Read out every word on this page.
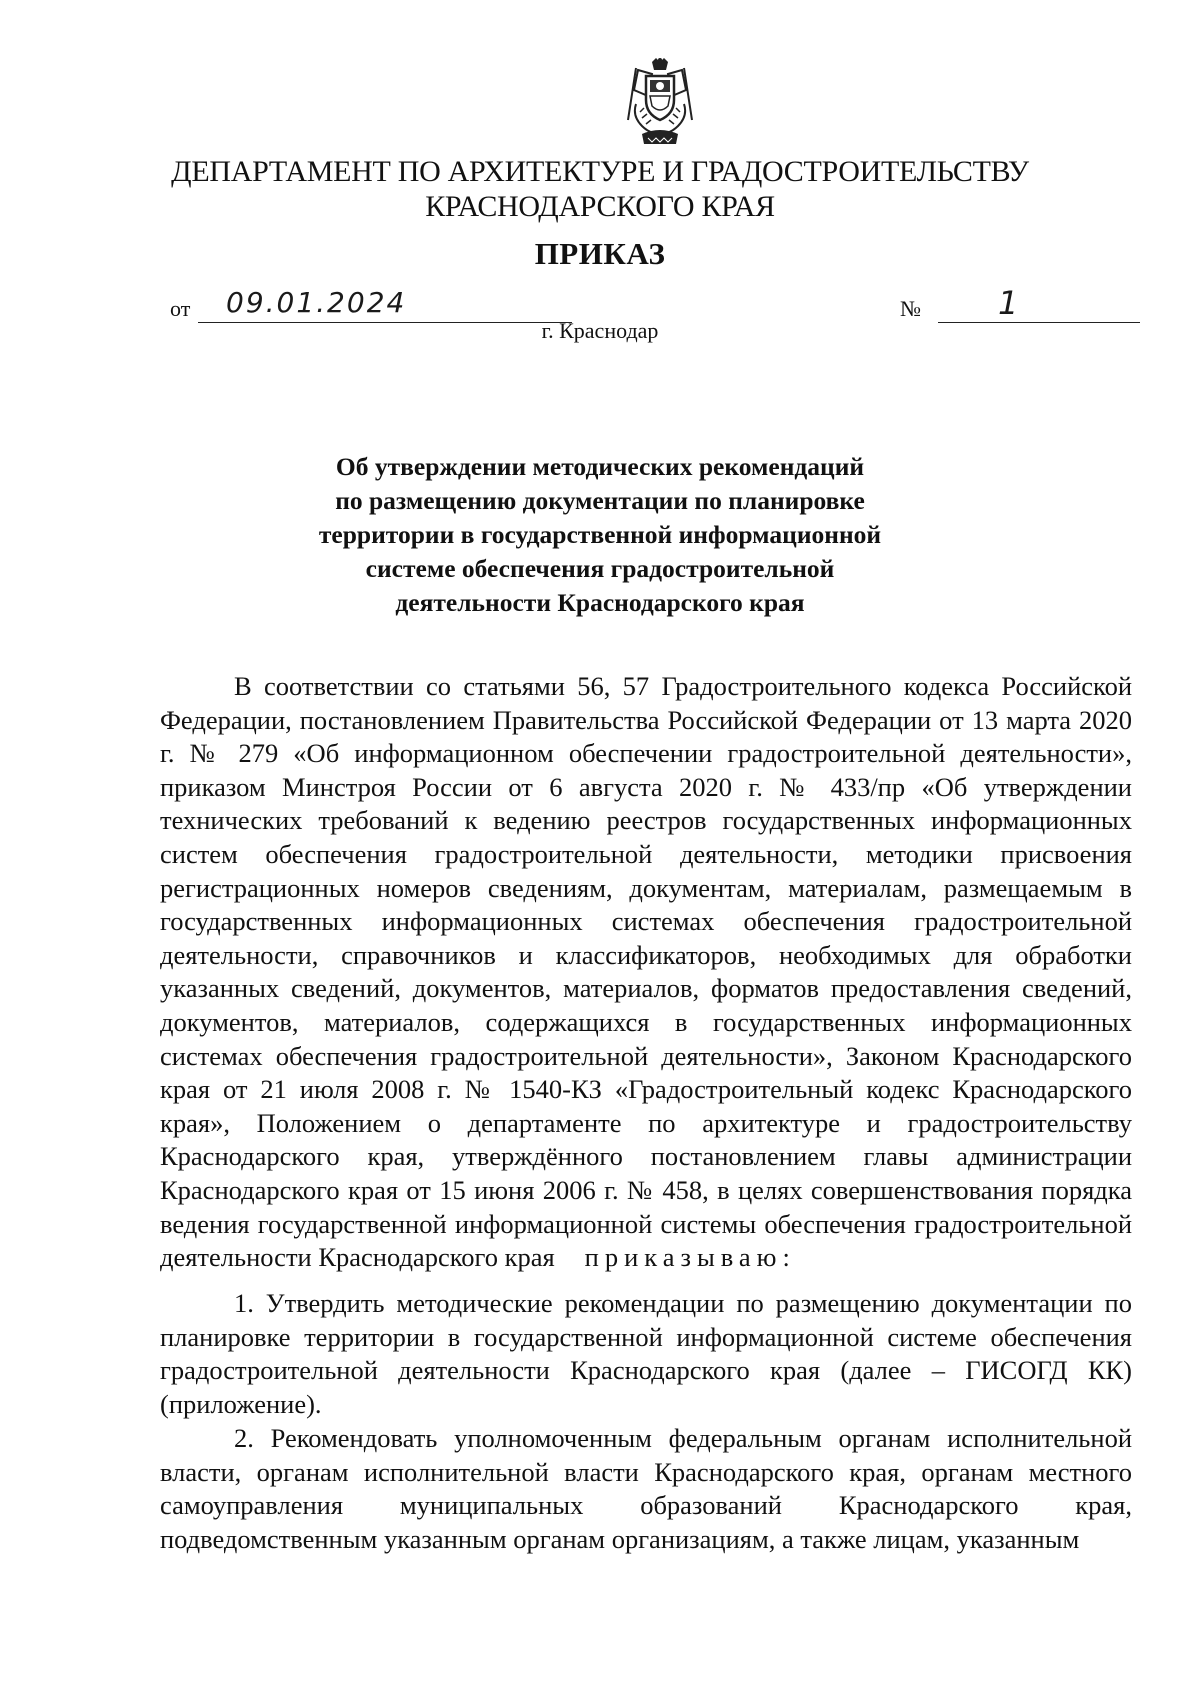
ДЕПАРТАМЕНТ ПО АРХИТЕКТУРЕ И ГРАДОСТРОИТЕЛЬСТВУ
КРАСНОДАРСКОГО КРАЯ
ПРИКАЗ
от 09.01.2024	№ 1
г. Краснодар
Об утверждении методических рекомендаций
по размещению документации по планировке
территории в государственной информационной
системе обеспечения градостроительной
деятельности Краснодарского края
В соответствии со статьями 56, 57 Градостроительного кодекса Российской Федерации, постановлением Правительства Российской Федерации от 13 марта 2020 г. № 279 «Об информационном обеспечении градостроительной деятельности», приказом Минстроя России от 6 августа 2020 г. № 433/пр «Об утверждении технических требований к ведению реестров государственных информационных систем обеспечения градостроительной деятельности, методики присвоения регистрационных номеров сведениям, документам, материалам, размещаемым в государственных информационных системах обеспечения градостроительной деятельности, справочников и классификаторов, необходимых для обработки указанных сведений, документов, материалов, форматов предоставления сведений, документов, материалов, содержащихся в государственных информационных системах обеспечения градостроительной деятельности», Законом Краснодарского края от 21 июля 2008 г. № 1540-КЗ «Градостроительный кодекс Краснодарского края», Положением о департаменте по архитектуре и градостроительству Краснодарского края, утверждённого постановлением главы администрации Краснодарского края от 15 июня 2006 г. № 458, в целях совершенствования порядка ведения государственной информационной системы обеспечения градостроительной деятельности Краснодарского края приказываю:
1. Утвердить методические рекомендации по размещению документации по планировке территории в государственной информационной системе обеспечения градостроительной деятельности Краснодарского края (далее – ГИСОГД КК) (приложение).
2. Рекомендовать уполномоченным федеральным органам исполнительной власти, органам исполнительной власти Краснодарского края, органам местного самоуправления муниципальных образований Краснодарского края, подведомственным указанным органам организациям, а также лицам, указанным
